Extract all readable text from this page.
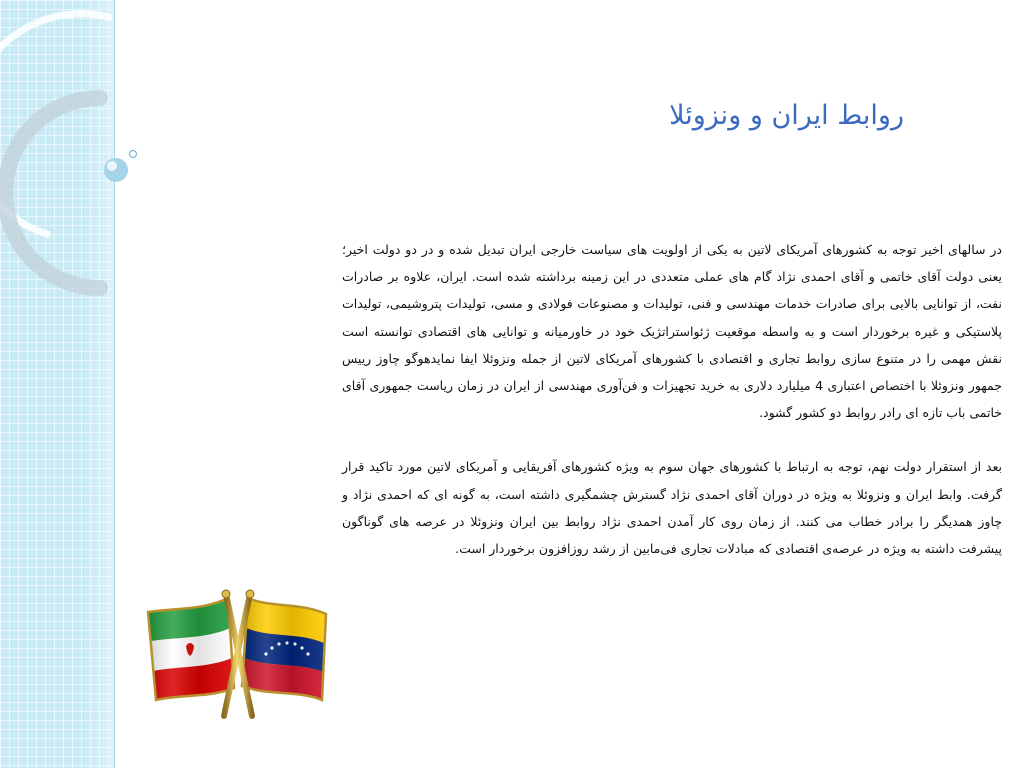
روابط ایران و ونزوئلا

در سالهای اخیر توجه به کشورهای آمریکای لاتین به یکی از اولویت های سیاست خارجی ایران تبدیل شده و در دو دولت اخیر؛ یعنی دولت آقای خاتمی و آقای احمدی نژاد گام های عملی متعددی در این زمینه برداشته شده است. ایران، علاوه بر صادرات نفت، از توانایی بالایی برای صادرات خدمات مهندسی و فنی، تولیدات و مصنوعات فولادی و مسی، تولیدات پتروشیمی، تولیدات پلاستیکی و غیره برخوردار است و به واسطه موقعیت ژئواستراتژیک خود در خاورمیانه و توانایی های اقتصادی توانسته است نقش مهمی را در متنوع سازی روابط تجاری و اقتصادی با کشورهای آمریکای لاتین از جمله ونزوئلا ایفا نمایدهوگو چاوز رییس جمهور ونزوئلا با اختصاص اعتباری 4 میلیارد دلاری به خرید تجهیزات و فن‌آوری مهندسی از ایران در زمان ریاست جمهوری آقای خاتمی باب تازه ای رادر روابط دو کشور گشود.

بعد از استقرار دولت نهم، توجه به ارتباط با کشورهای جهان سوم به ویژه کشورهای آفریقایی و آمریکای لاتین مورد تاکید قرار گرفت. وابط ایران و ونزوئلا به ویژه در دوران آقای احمدی نژاد گسترش چشمگیری داشته است، به گونه ای که احمدی نژاد و چاوز همدیگر را برادر خطاب می کنند. از زمان روی کار آمدن احمدی نژاد روابط بین ایران ونزوئلا در عرصه های گوناگون پیشرفت داشته به ویژه در عرصه‌ی اقتصادی که مبادلات تجاری فی‌مابین از رشد روزافزون برخوردار است.
